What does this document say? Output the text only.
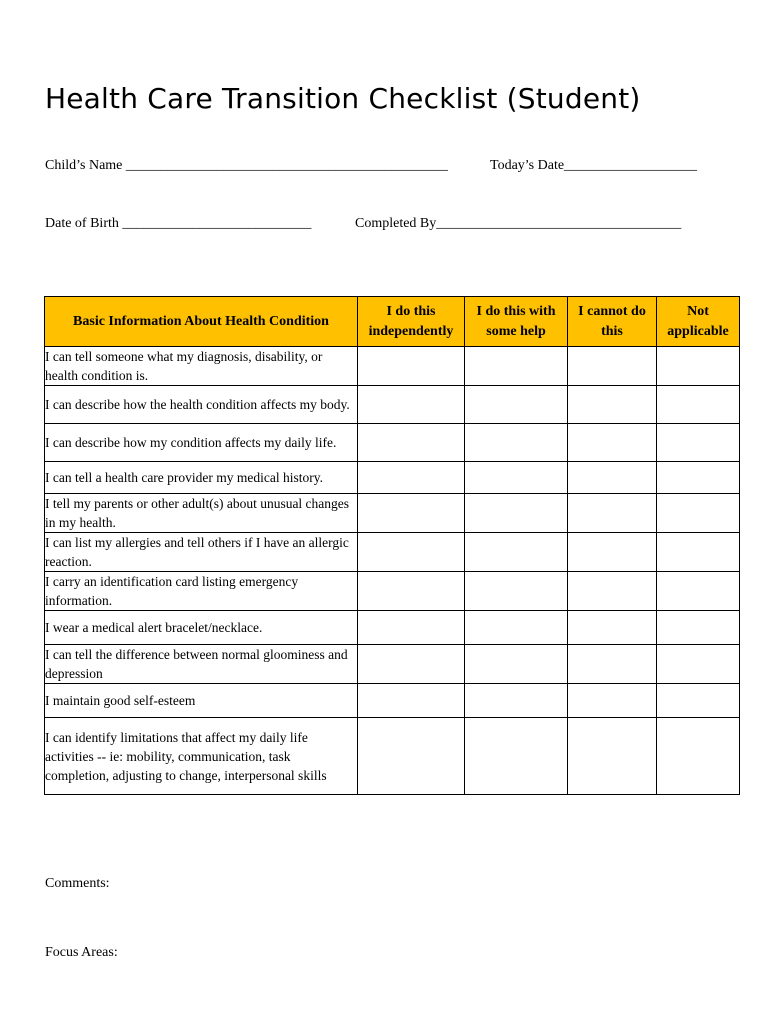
Health Care Transition Checklist (Student)
Child’s Name ______________________________________________	Today’s Date___________________
Date of Birth ___________________________	Completed By___________________________________
Basic Information About Health Condition	I do this independently	I do this with some help	I cannot do this	Not applicable
I can tell someone what my diagnosis, disability, or health condition is.				
I can describe how the health condition affects my body.				
I can describe how my condition affects my daily life.				
I can tell a health care provider my medical history.				
I tell my parents or other adult(s) about unusual changes in my health.				
I can list my allergies and tell others if I have an allergic reaction.				
I carry an identification card listing emergency information.				
I wear a medical alert bracelet/necklace.				
I can tell the difference between normal gloominess and depression				
I maintain good self-esteem				
I can identify limitations that affect my daily life activities -- ie: mobility, communication, task completion, adjusting to change, interpersonal skills				
Comments:
Focus Areas:
